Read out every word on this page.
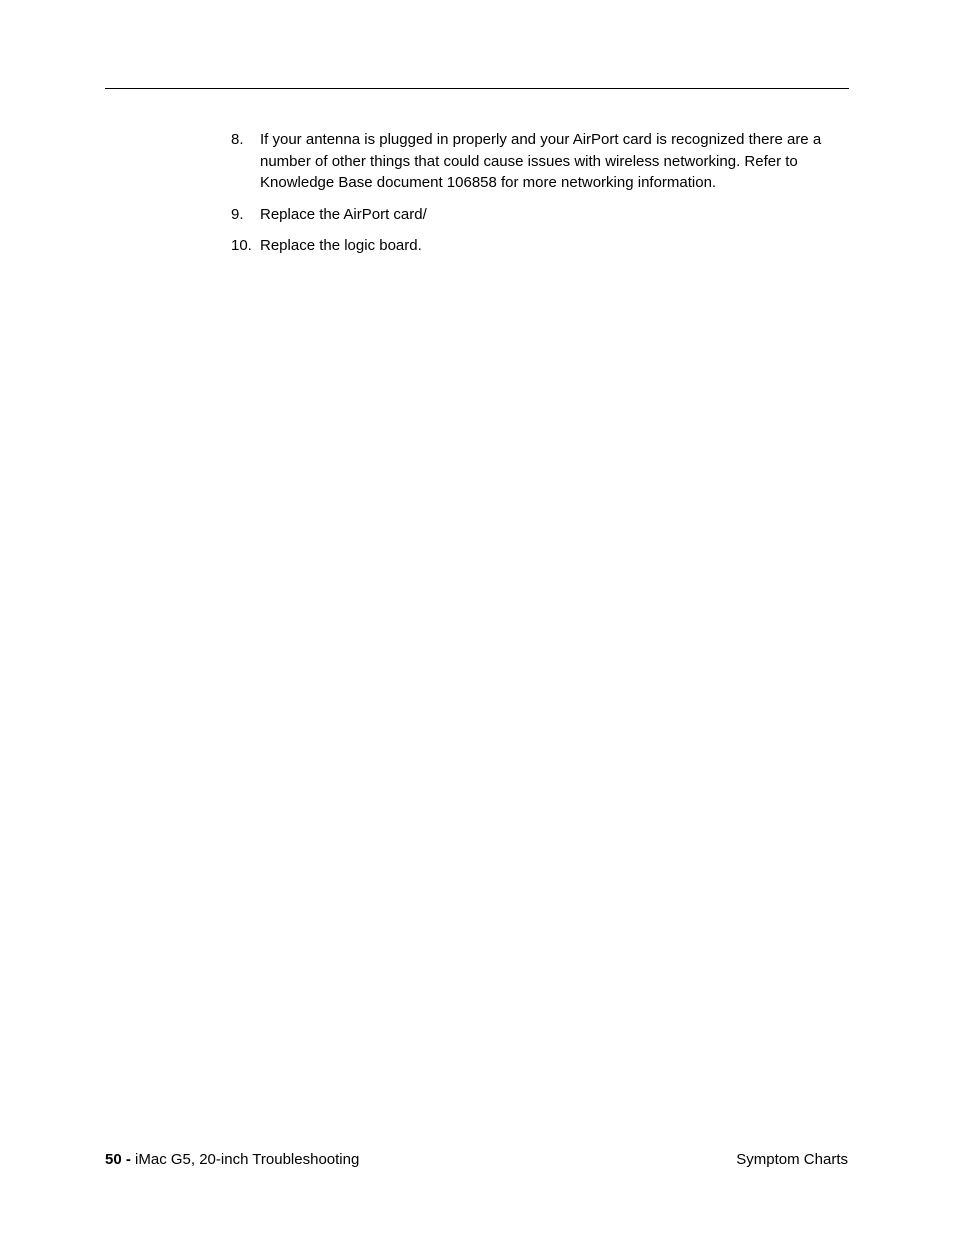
8. If your antenna is plugged in properly and your AirPort card is recognized there are a number of other things that could cause issues with wireless networking. Refer to Knowledge Base document 106858 for more networking information.
9. Replace the AirPort card/
10. Replace the logic board.
50 - iMac G5, 20-inch Troubleshooting	Symptom Charts
